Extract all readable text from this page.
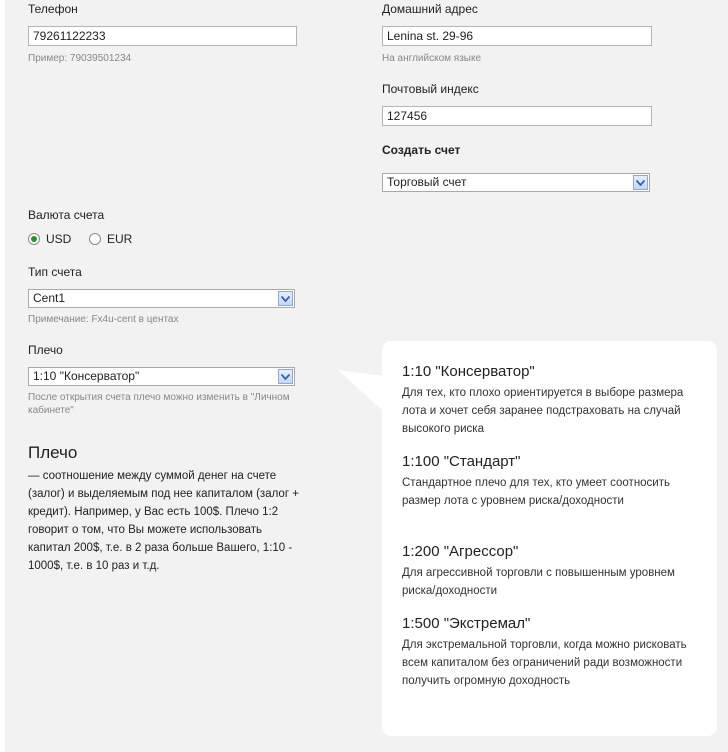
Телефон
79261122233
Пример: 79039501234
Домашний адрес
Lenina st. 29-96
На английском языке
Почтовый индекс
127456
Создать счет
Торговый счет
Валюта счета
USD	EUR
Тип счета
Cent1
Примечание: Fx4u-cent в центах
Плечо
1:10 "Консерватор"
После открытия счета плечо можно изменить в "Личном кабинете"
Плечо
— соотношение между суммой денег на счете (залог) и выделяемым под нее капиталом (залог + кредит). Например, у Вас есть 100$. Плечо 1:2 говорит о том, что Вы можете использовать капитал 200$, т.е. в 2 раза больше Вашего, 1:10 - 1000$, т.е. в 10 раз и т.д.
1:10 "Консерватор"

Для тех, кто плохо ориентируется в выборе размера лота и хочет себя заранее подстраховать на случай высокого риска

1:100 "Стандарт"

Стандартное плечо для тех, кто умеет соотносить размер лота с уровнем риска/доходности

1:200 "Агрессор"

Для агрессивной торговли с повышенным уровнем риска/доходности

1:500 "Экстремал"

Для экстремальной торговли, когда можно рисковать всем капиталом без ограничений ради возможности получить огромную доходность
